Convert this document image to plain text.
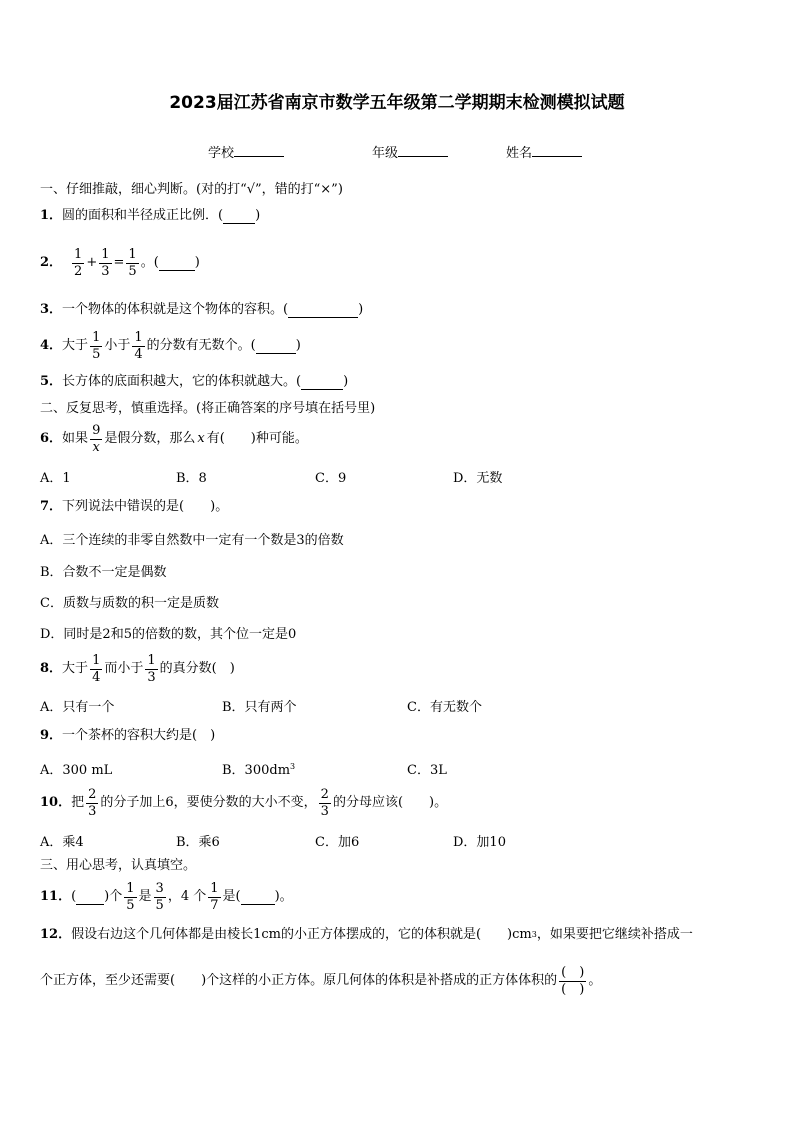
2023届江苏省南京市数学五年级第二学期期末检测模拟试题
学校	年级	姓名
一、仔细推敲，细心判断。(对的打“√”，错的打“×”)
1． 圆的面积和半径成正比例．( )
2． $\frac{1}{2} + \frac{1}{3} = \frac{1}{5}$ 。(	)
3． 一个物体的体积就是这个物体的容积。(	)
4． 大于 $\frac{1}{5}$ 小于 $\frac{1}{4}$ 的分数有无数个。(	)
5． 长方体的底面积越大，它的体积就越大。(	)
二、反复思考，慎重选择。(将正确答案的序号填在括号里)
6． 如果 $\frac{9}{x}$ 是假分数，那么 x 有(　　)种可能。
A．1	B．8	C．9	D．无数
7． 下列说法中错误的是(　　)。
A．三个连续的非零自然数中一定有一个数是3的倍数
B．合数不一定是偶数
C．质数与质数的积一定是质数
D．同时是2和5的倍数的数，其个位一定是0
8． 大于 $\frac{1}{4}$ 而小于 $\frac{1}{3}$ 的真分数(　)
A．只有一个	B．只有两个	C．有无数个
9． 一个茶杯的容积大约是(　)
A．300 mL	B．$300dm^3$	C．3L
10． 把 $\frac{2}{3}$ 的分子加上6，要使分数的大小不变， $\frac{2}{3}$ 的分母应该(　　)。
A．乘4	B．乘6	C．加6	D．加10
三、用心思考，认真填空。
11． ( )个 $\frac{1}{5}$ 是 $\frac{3}{5}$ ，4 个 $\frac{1}{7}$ 是(	)。
12． 假设右边这个几何体都是由棱长1cm的小正方体摆成的，它的体积就是(　　)cm 3 ，如果要把它继续补搭成一
个正方体，至少还需要(　　)个这样的小正方体。原几何体的体积是补搭成的正方体体积的 $\frac{( )}{( )}$ 。
